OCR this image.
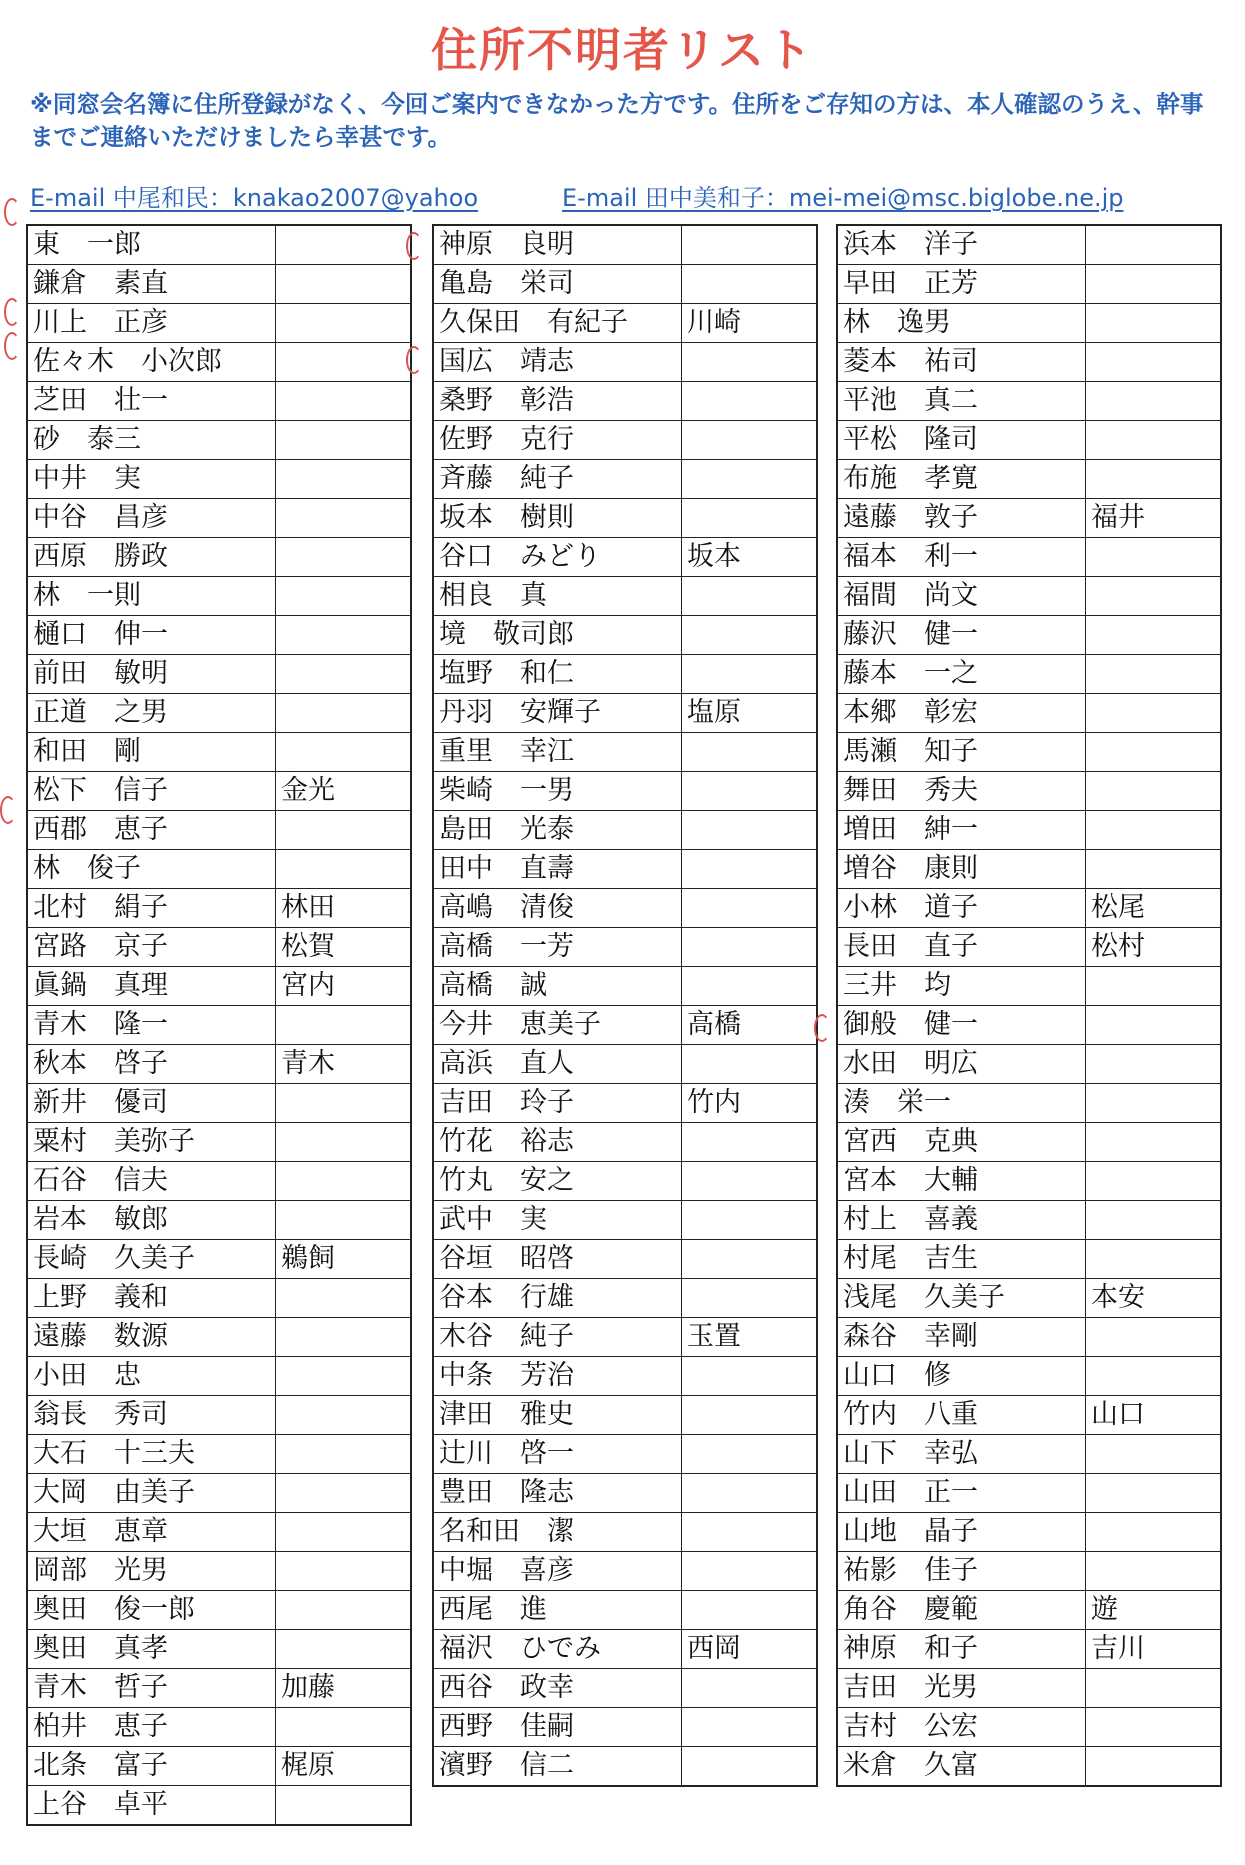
住所不明者リスト
※同窓会名簿に住所登録がなく、今回ご案内できなかった方です。住所をご存知の方は、本人確認のうえ、幹事までご連絡いただけましたら幸甚です。
E-mail 中尾和民：knakao2007@yahoo	E-mail 田中美和子：mei-mei@msc.biglobe.ne.jp
東　一郎	
鎌倉　素直	
川上　正彦	
佐々木　小次郎	
芝田　壮一	
砂　泰三	
中井　実	
中谷　昌彦	
西原　勝政	
林　一則	
樋口　伸一	
前田　敏明	
正道　之男	
和田　剛	
松下　信子	金光
西郡　恵子	
林　俊子	
北村　絹子	林田
宮路　京子	松賀
眞鍋　真理	宮内
青木　隆一	
秋本　啓子	青木
新井　優司	
粟村　美弥子	
石谷　信夫	
岩本　敏郎	
長崎　久美子	鵜飼
上野　義和	
遠藤　数源	
小田　忠	
翁長　秀司	
大石　十三夫	
大岡　由美子	
大垣　恵章	
岡部　光男	
奥田　俊一郎	
奥田　真孝	
青木　哲子	加藤
柏井　恵子	
北条　富子	梶原
上谷　卓平	
神原　良明	
亀島　栄司	
久保田　有紀子	川崎
国広　靖志	
桑野　彰浩	
佐野　克行	
斉藤　純子	
坂本　樹則	
谷口　みどり	坂本
相良　真	
境　敬司郎	
塩野　和仁	
丹羽　安輝子	塩原
重里　幸江	
柴崎　一男	
島田　光泰	
田中　直壽	
高嶋　清俊	
高橋　一芳	
高橋　誠	
今井　恵美子	高橋
高浜　直人	
吉田　玲子	竹内
竹花　裕志	
竹丸　安之	
武中　実	
谷垣　昭啓	
谷本　行雄	
木谷　純子	玉置
中条　芳治	
津田　雅史	
辻川　啓一	
豊田　隆志	
名和田　潔	
中堀　喜彦	
西尾　進	
福沢　ひでみ	西岡
西谷　政幸	
西野　佳嗣	
濱野　信二	
浜本　洋子	
早田　正芳	
林　逸男	
菱本　祐司	
平池　真二	
平松　隆司	
布施　孝寛	
遠藤　敦子	福井
福本　利一	
福間　尚文	
藤沢　健一	
藤本　一之	
本郷　彰宏	
馬瀬　知子	
舞田　秀夫	
増田　紳一	
増谷　康則	
小林　道子	松尾
長田　直子	松村
三井　均	
御般　健一	
水田　明広	
湊　栄一	
宮西　克典	
宮本　大輔	
村上　喜義	
村尾　吉生	
浅尾　久美子	本安
森谷　幸剛	
山口　修	
竹内　八重	山口
山下　幸弘	
山田　正一	
山地　晶子	
祐影　佳子	
角谷　慶範	遊
神原　和子	吉川
吉田　光男	
吉村　公宏	
米倉　久富	
